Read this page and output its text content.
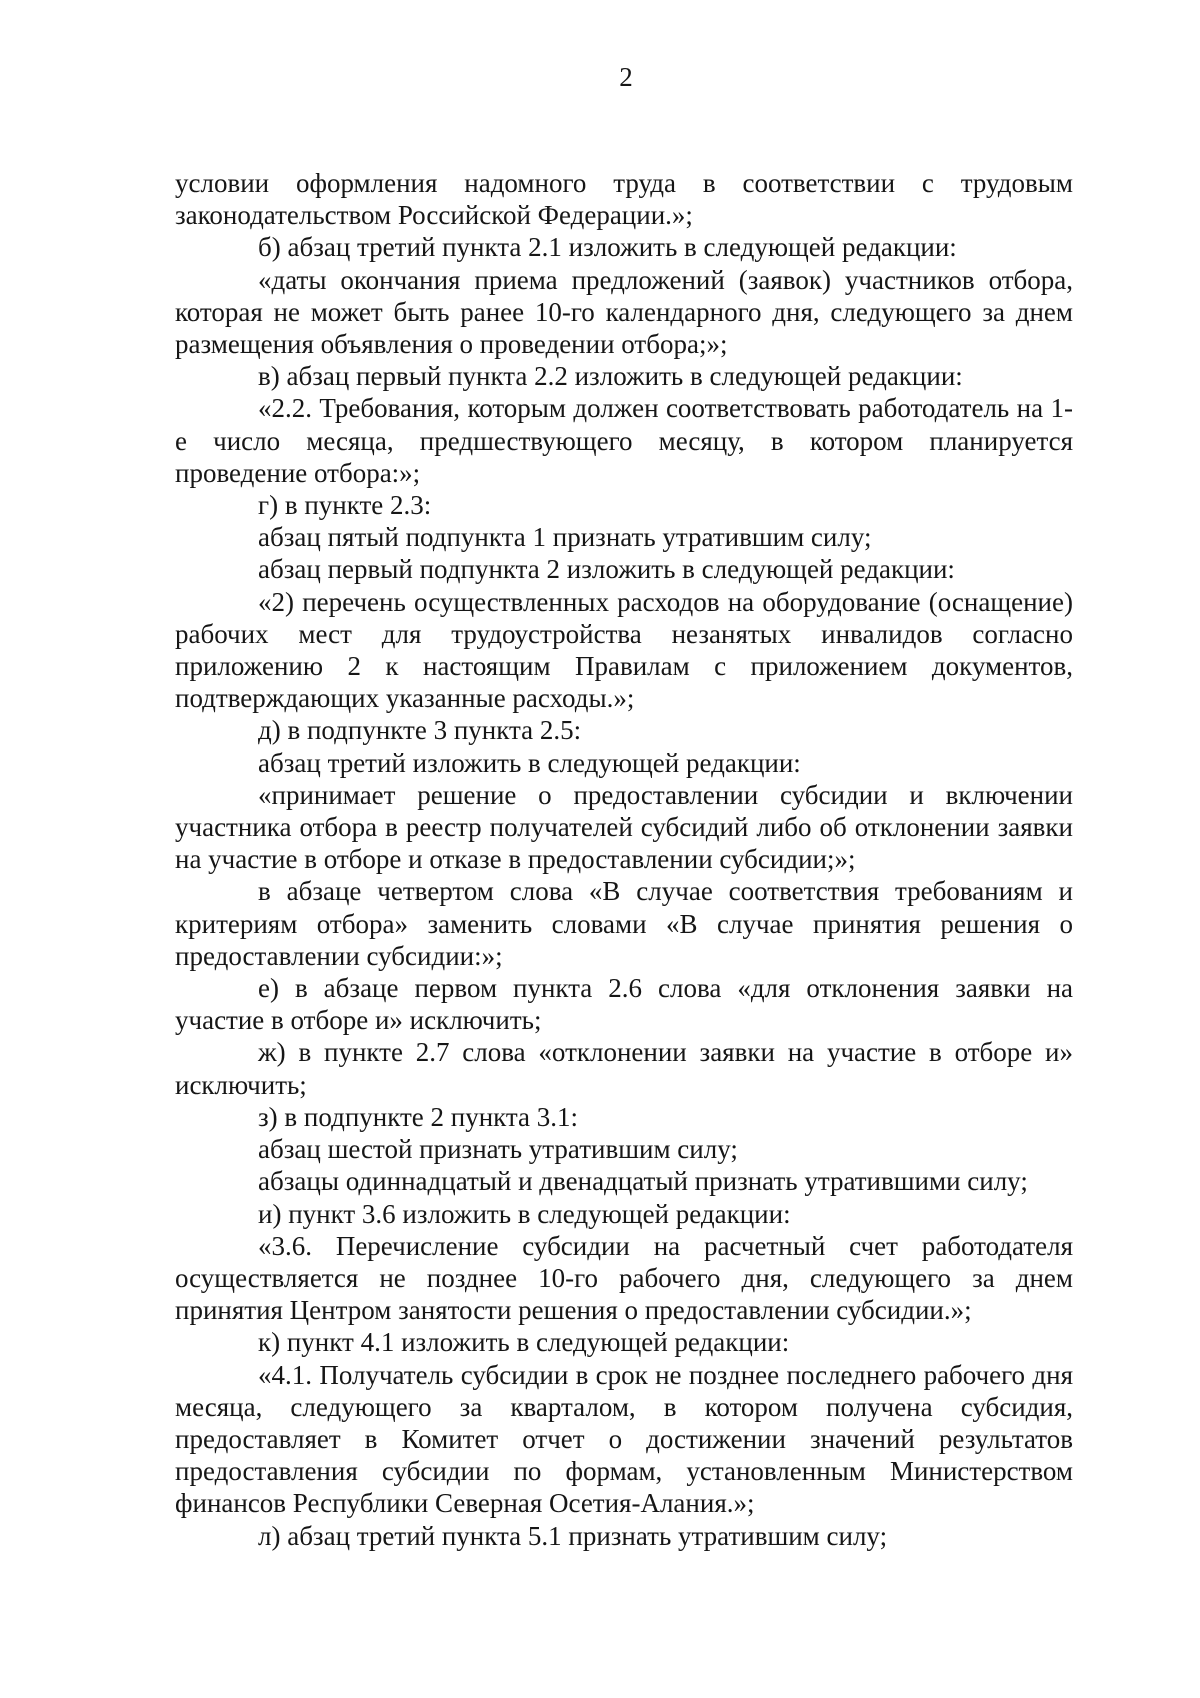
2

условии оформления надомного труда в соответствии с трудовым законодательством Российской Федерации.»;

б) абзац третий пункта 2.1 изложить в следующей редакции:

«даты окончания приема предложений (заявок) участников отбора, которая не может быть ранее 10-го календарного дня, следующего за днем размещения объявления о проведении отбора;»;

в) абзац первый пункта 2.2 изложить в следующей редакции:

«2.2. Требования, которым должен соответствовать работодатель на 1-е число месяца, предшествующего месяцу, в котором планируется проведение отбора:»;

г) в пункте 2.3:

абзац пятый подпункта 1 признать утратившим силу;

абзац первый подпункта 2 изложить в следующей редакции:

«2) перечень осуществленных расходов на оборудование (оснащение) рабочих мест для трудоустройства незанятых инвалидов согласно приложению 2 к настоящим Правилам с приложением документов, подтверждающих указанные расходы.»;

д) в подпункте 3 пункта 2.5:

абзац третий изложить в следующей редакции:

«принимает решение о предоставлении субсидии и включении участника отбора в реестр получателей субсидий либо об отклонении заявки на участие в отборе и отказе в предоставлении субсидии;»;

в абзаце четвертом слова «В случае соответствия требованиям и критериям отбора» заменить словами «В случае принятия решения о предоставлении субсидии:»;

е) в абзаце первом пункта 2.6 слова «для отклонения заявки на участие в отборе и» исключить;

ж) в пункте 2.7 слова «отклонении заявки на участие в отборе и» исключить;

з) в подпункте 2 пункта 3.1:

абзац шестой признать утратившим силу;

абзацы одиннадцатый и двенадцатый признать утратившими силу;

и) пункт 3.6 изложить в следующей редакции:

«3.6. Перечисление субсидии на расчетный счет работодателя осуществляется не позднее 10-го рабочего дня, следующего за днем принятия Центром занятости решения о предоставлении субсидии.»;

к) пункт 4.1 изложить в следующей редакции:

«4.1. Получатель субсидии в срок не позднее последнего рабочего дня месяца, следующего за кварталом, в котором получена субсидия, предоставляет в Комитет отчет о достижении значений результатов предоставления субсидии по формам, установленным Министерством финансов Республики Северная Осетия-Алания.»;

л) абзац третий пункта 5.1 признать утратившим силу;
